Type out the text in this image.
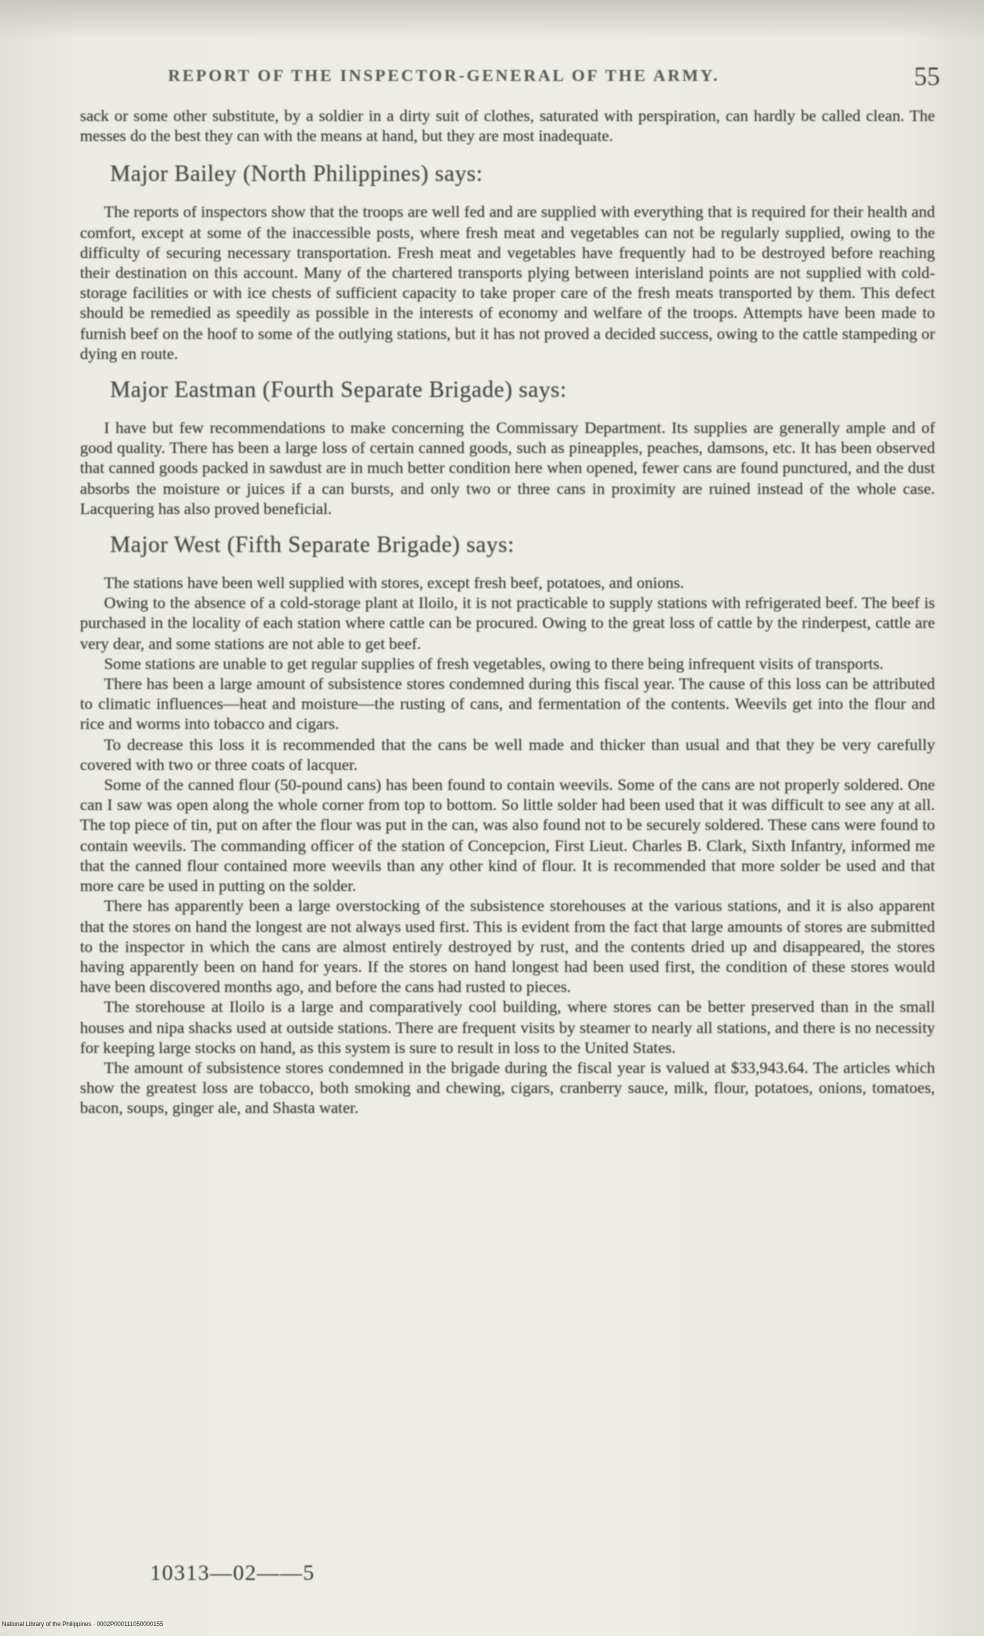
REPORT OF THE INSPECTOR-GENERAL OF THE ARMY.	55

sack or some other substitute, by a soldier in a dirty suit of clothes, saturated with perspiration, can hardly be called clean. The messes do the best they can with the means at hand, but they are most inadequate.

Major Bailey (North Philippines) says:

The reports of inspectors show that the troops are well fed and are supplied with everything that is required for their health and comfort, except at some of the inaccessible posts, where fresh meat and vegetables can not be regularly supplied, owing to the difficulty of securing necessary transportation. Fresh meat and vegetables have frequently had to be destroyed before reaching their destination on this account. Many of the chartered transports plying between interisland points are not supplied with cold-storage facilities or with ice chests of sufficient capacity to take proper care of the fresh meats transported by them. This defect should be remedied as speedily as possible in the interests of economy and welfare of the troops. Attempts have been made to furnish beef on the hoof to some of the outlying stations, but it has not proved a decided success, owing to the cattle stampeding or dying en route.

Major Eastman (Fourth Separate Brigade) says:

I have but few recommendations to make concerning the Commissary Department. Its supplies are generally ample and of good quality. There has been a large loss of certain canned goods, such as pineapples, peaches, damsons, etc. It has been observed that canned goods packed in sawdust are in much better condition here when opened, fewer cans are found punctured, and the dust absorbs the moisture or juices if a can bursts, and only two or three cans in proximity are ruined instead of the whole case. Lacquering has also proved beneficial.

Major West (Fifth Separate Brigade) says:

The stations have been well supplied with stores, except fresh beef, potatoes, and onions.

Owing to the absence of a cold-storage plant at Iloilo, it is not practicable to supply stations with refrigerated beef. The beef is purchased in the locality of each station where cattle can be procured. Owing to the great loss of cattle by the rinderpest, cattle are very dear, and some stations are not able to get beef.

Some stations are unable to get regular supplies of fresh vegetables, owing to there being infrequent visits of transports.

There has been a large amount of subsistence stores condemned during this fiscal year. The cause of this loss can be attributed to climatic influences—heat and moisture—the rusting of cans, and fermentation of the contents. Weevils get into the flour and rice and worms into tobacco and cigars.

To decrease this loss it is recommended that the cans be well made and thicker than usual and that they be very carefully covered with two or three coats of lacquer.

Some of the canned flour (50-pound cans) has been found to contain weevils. Some of the cans are not properly soldered. One can I saw was open along the whole corner from top to bottom. So little solder had been used that it was difficult to see any at all. The top piece of tin, put on after the flour was put in the can, was also found not to be securely soldered. These cans were found to contain weevils. The commanding officer of the station of Concepcion, First Lieut. Charles B. Clark, Sixth Infantry, informed me that the canned flour contained more weevils than any other kind of flour. It is recommended that more solder be used and that more care be used in putting on the solder.

There has apparently been a large overstocking of the subsistence storehouses at the various stations, and it is also apparent that the stores on hand the longest are not always used first. This is evident from the fact that large amounts of stores are submitted to the inspector in which the cans are almost entirely destroyed by rust, and the contents dried up and disappeared, the stores having apparently been on hand for years. If the stores on hand longest had been used first, the condition of these stores would have been discovered months ago, and before the cans had rusted to pieces.

The storehouse at Iloilo is a large and comparatively cool building, where stores can be better preserved than in the small houses and nipa shacks used at outside stations. There are frequent visits by steamer to nearly all stations, and there is no necessity for keeping large stocks on hand, as this system is sure to result in loss to the United States.

The amount of subsistence stores condemned in the brigade during the fiscal year is valued at $33,943.64. The articles which show the greatest loss are tobacco, both smoking and chewing, cigars, cranberry sauce, milk, flour, potatoes, onions, tomatoes, bacon, soups, ginger ale, and Shasta water.

10313—02——5
National Library of the Philippines · 0002P000111050000155
